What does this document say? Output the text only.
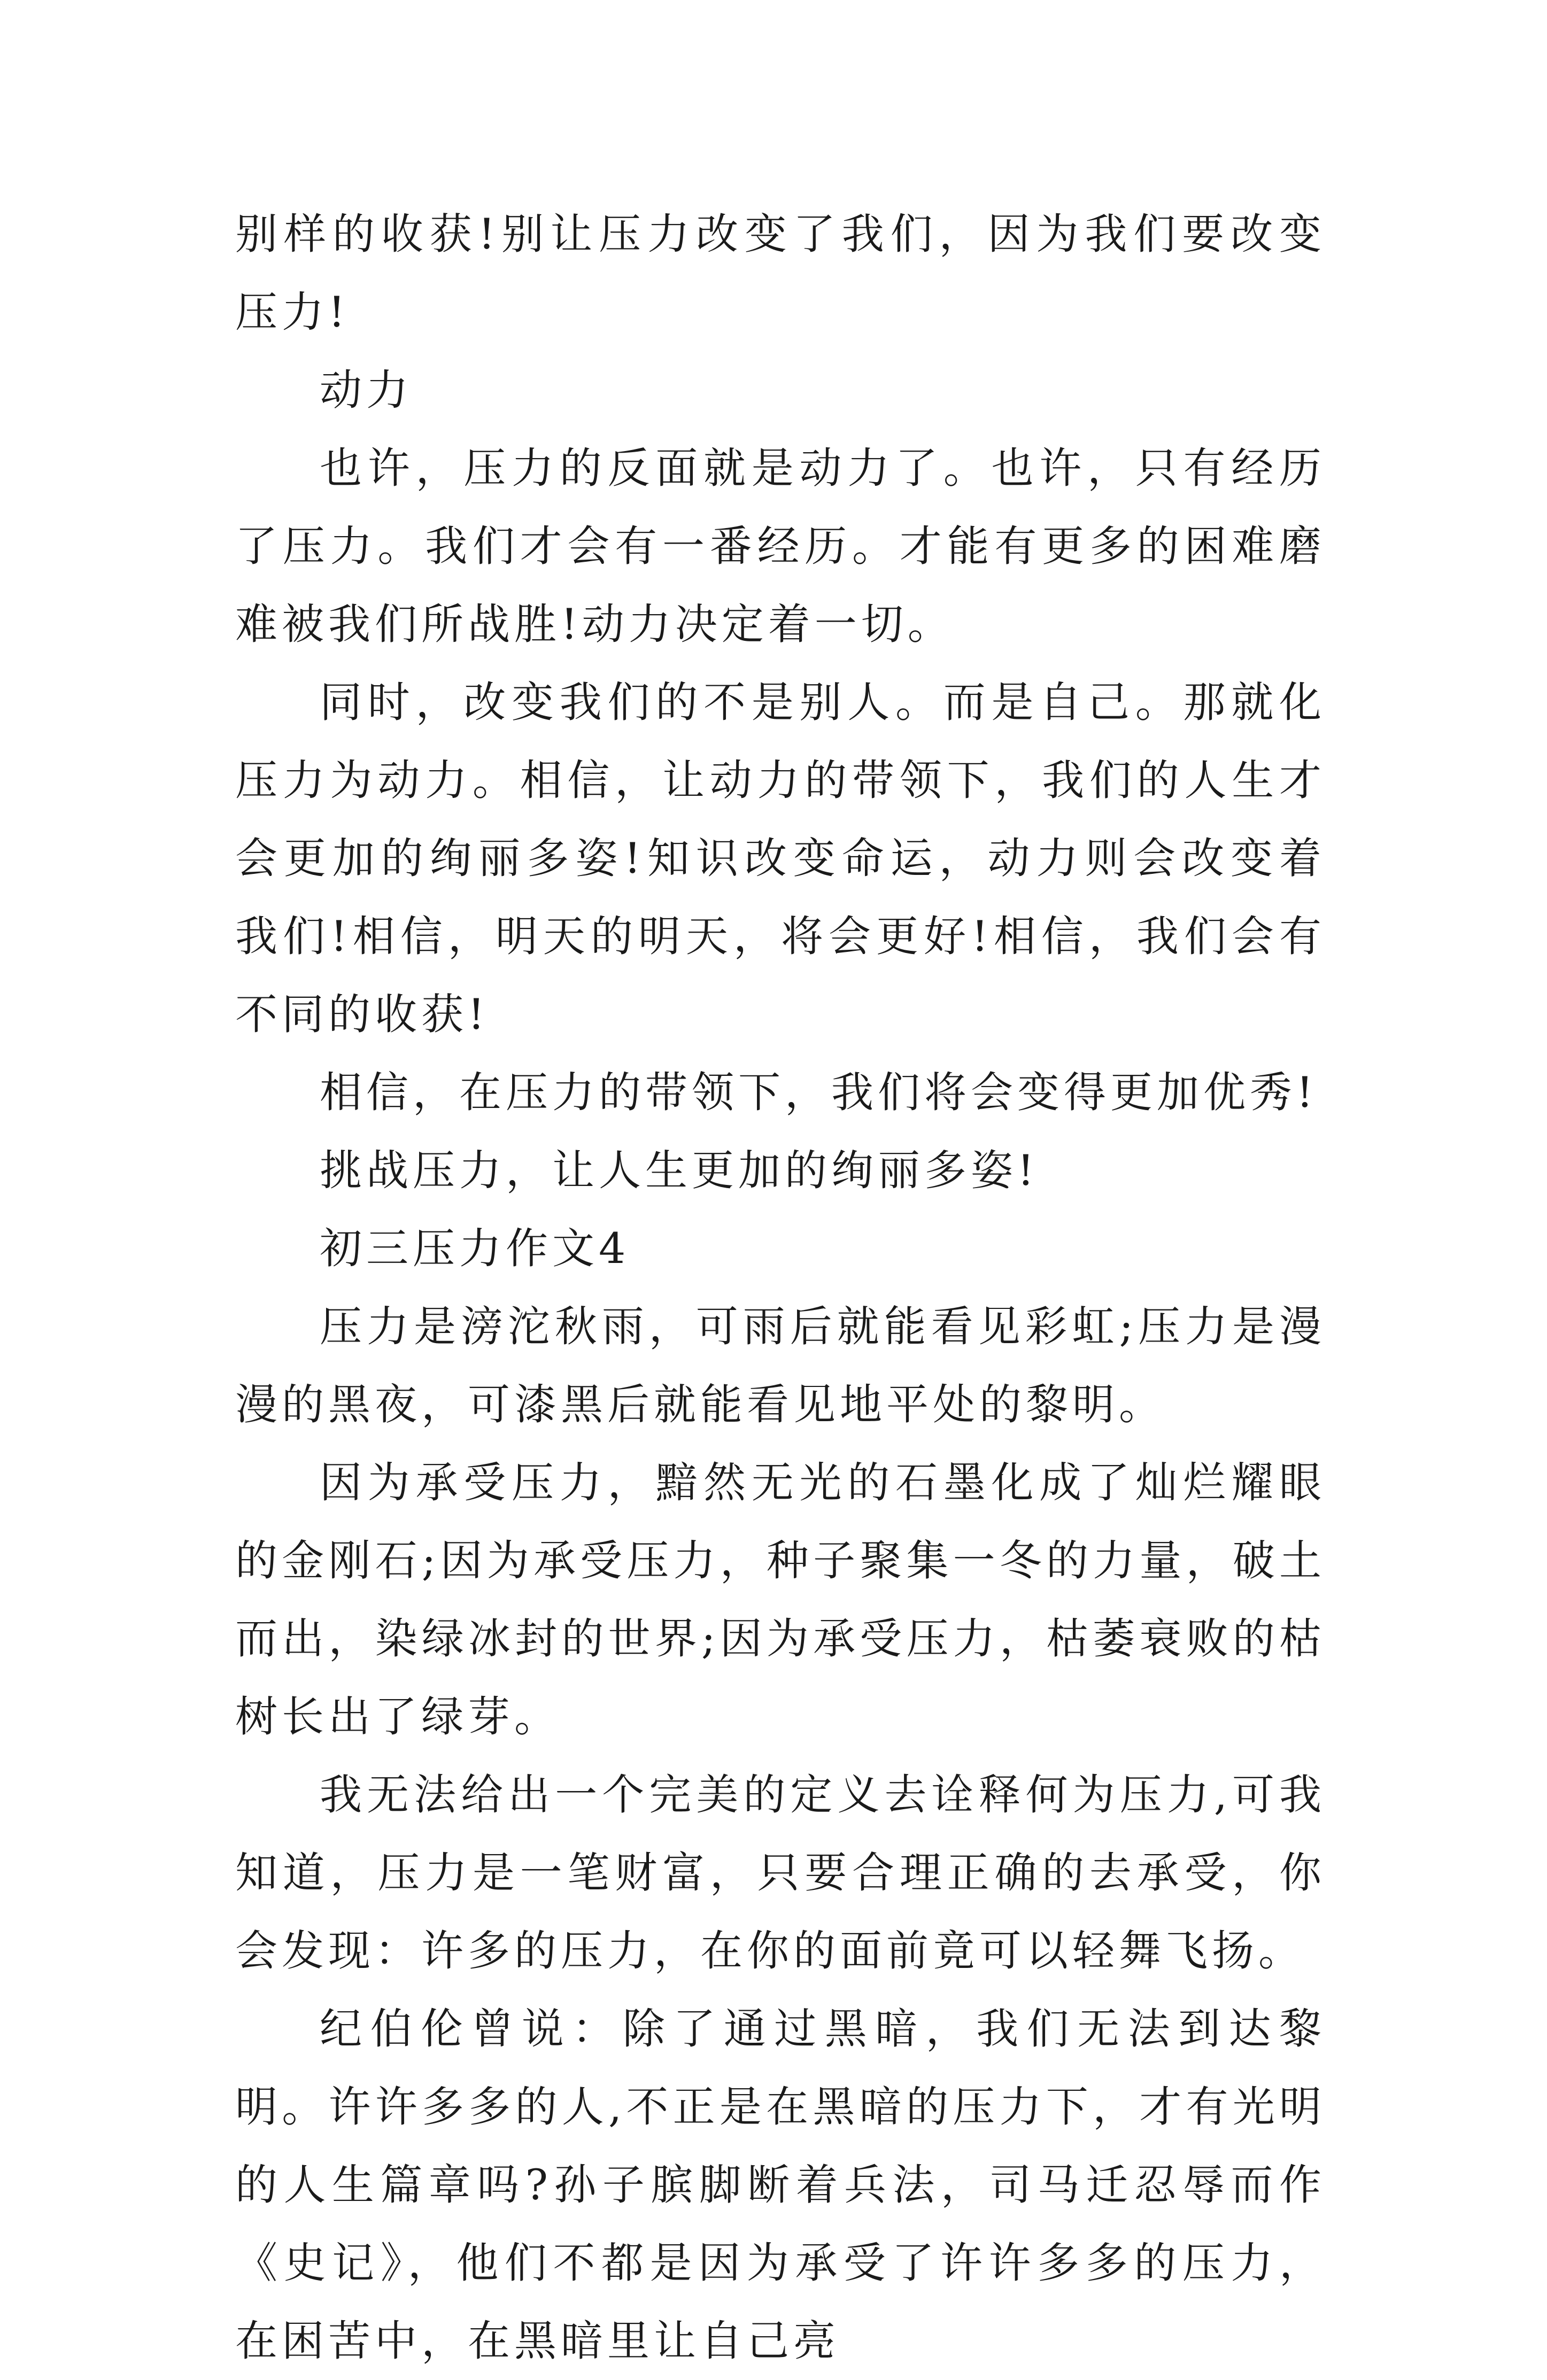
别样的收获!别让压力改变了我们，因为我们要改变压力!

动力

也许，压力的反面就是动力了。也许，只有经历了压力。我们才会有一番经历。才能有更多的困难磨难被我们所战胜!动力决定着一切。

同时，改变我们的不是别人。而是自己。那就化压力为动力。相信，让动力的带领下，我们的人生才会更加的绚丽多姿!知识改变命运，动力则会改变着我们!相信，明天的明天，将会更好!相信，我们会有不同的收获!

相信，在压力的带领下，我们将会变得更加优秀!

挑战压力，让人生更加的绚丽多姿!

初三压力作文4

压力是滂沱秋雨，可雨后就能看见彩虹;压力是漫漫的黑夜，可漆黑后就能看见地平处的黎明。

因为承受压力，黯然无光的石墨化成了灿烂耀眼的金刚石;因为承受压力，种子聚集一冬的力量，破土而出，染绿冰封的世界;因为承受压力，枯萎衰败的枯树长出了绿芽。

我无法给出一个完美的定义去诠释何为压力,可我知道，压力是一笔财富，只要合理正确的去承受，你会发现：许多的压力，在你的面前竟可以轻舞飞扬。

纪伯伦曾说：除了通过黑暗，我们无法到达黎明。许许多多的人,不正是在黑暗的压力下，才有光明的人生篇章吗?孙子膑脚断着兵法，司马迁忍辱而作《史记》，他们不都是因为承受了许许多多的压力，在困苦中，在黑暗里让自己亮
